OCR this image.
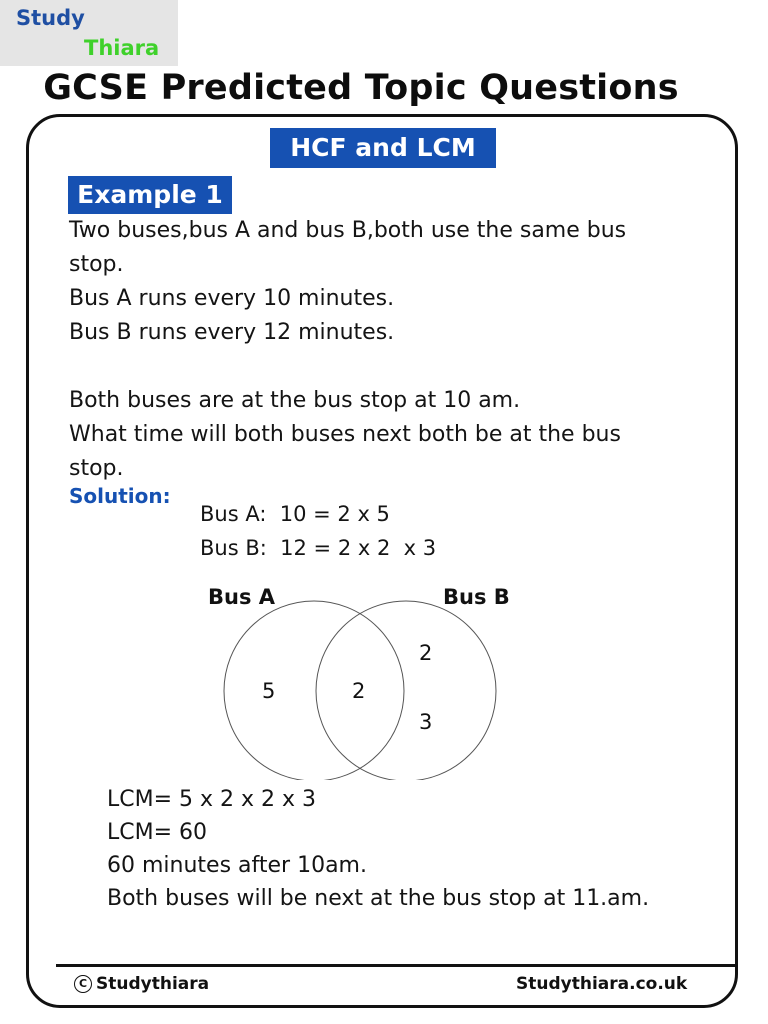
Study
Thiara
GCSE Predicted Topic Questions
HCF and LCM
Example 1

Two buses,bus A and bus B,both use the same bus

stop.

Bus A runs every 10 minutes.

Bus B runs every 12 minutes.

Both buses are at the bus stop at 10 am.

What time will both buses next both be at the bus

stop.

Solution:
Bus A:  10 = 2 x 5
Bus B:  12 = 2 x 2  x 3
Bus A	Bus B
5	2
2
3

LCM= 5 x 2 x 2 x 3

LCM= 60

60 minutes after 10am.

Both buses will be next at the bus stop at 11.am.

C Studythiara	Studythiara.co.uk
